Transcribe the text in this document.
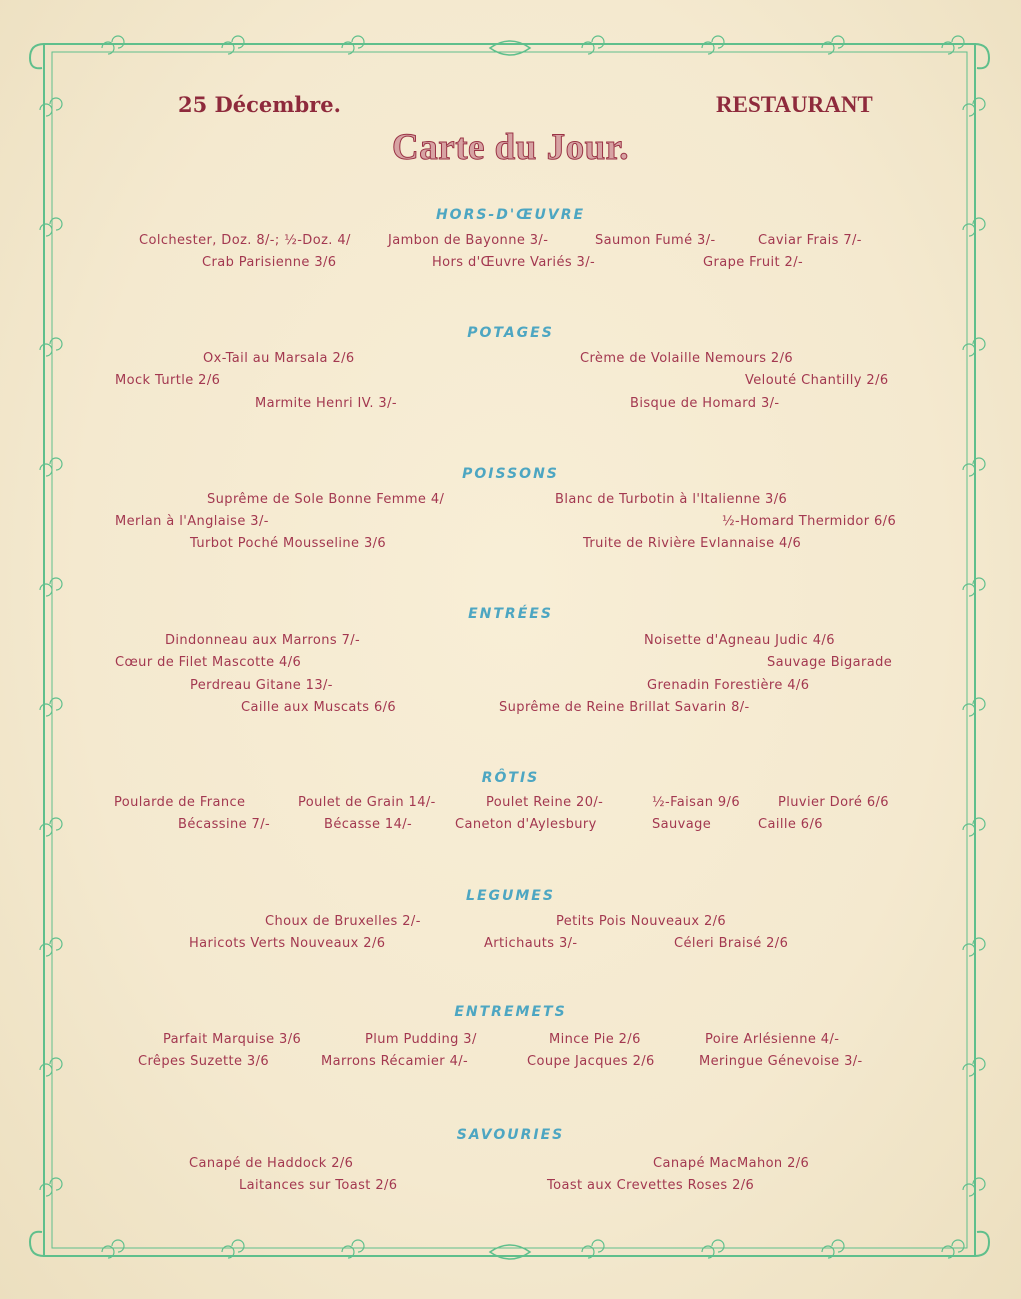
25 Décembre.	RESTAURANT
Carte du Jour.
HORS-D'ŒUVRE
Colchester, Doz. 8/-; ½-Doz. 4/	Jambon de Bayonne 3/-	Saumon Fumé 3/-	Caviar Frais 7/-
Crab Parisienne 3/6	Hors d'Œuvre Variés 3/-	Grape Fruit 2/-
POTAGES
Ox-Tail au Marsala 2/6	Crème de Volaille Nemours 2/6
Mock Turtle 2/6	Velouté Chantilly 2/6
Marmite Henri IV. 3/-	Bisque de Homard 3/-
POISSONS
Suprême de Sole Bonne Femme 4/	Blanc de Turbotin à l'Italienne 3/6
Merlan à l'Anglaise 3/-	½-Homard Thermidor 6/6
Turbot Poché Mousseline 3/6	Truite de Rivière Evlannaise 4/6
ENTRÉES
Dindonneau aux Marrons 7/-	Noisette d'Agneau Judic 4/6
Cœur de Filet Mascotte 4/6	Sauvage Bigarade
Perdreau Gitane 13/-	Grenadin Forestière 4/6
Caille aux Muscats 6/6	Suprême de Reine Brillat Savarin 8/-
RÔTIS
Poularde de France	Poulet de Grain 14/-	Poulet Reine 20/-	½-Faisan 9/6	Pluvier Doré 6/6
Bécassine 7/-	Bécasse 14/-	Caneton d'Aylesbury	Sauvage	Caille 6/6
LEGUMES
Choux de Bruxelles 2/-	Petits Pois Nouveaux 2/6
Haricots Verts Nouveaux 2/6	Artichauts 3/-	Céleri Braisé 2/6
ENTREMETS
Parfait Marquise 3/6	Plum Pudding 3/	Mince Pie 2/6	Poire Arlésienne 4/-
Crêpes Suzette 3/6	Marrons Récamier 4/-	Coupe Jacques 2/6	Meringue Génevoise 3/-
SAVOURIES
Canapé de Haddock 2/6	Canapé MacMahon 2/6
Laitances sur Toast 2/6	Toast aux Crevettes Roses 2/6
